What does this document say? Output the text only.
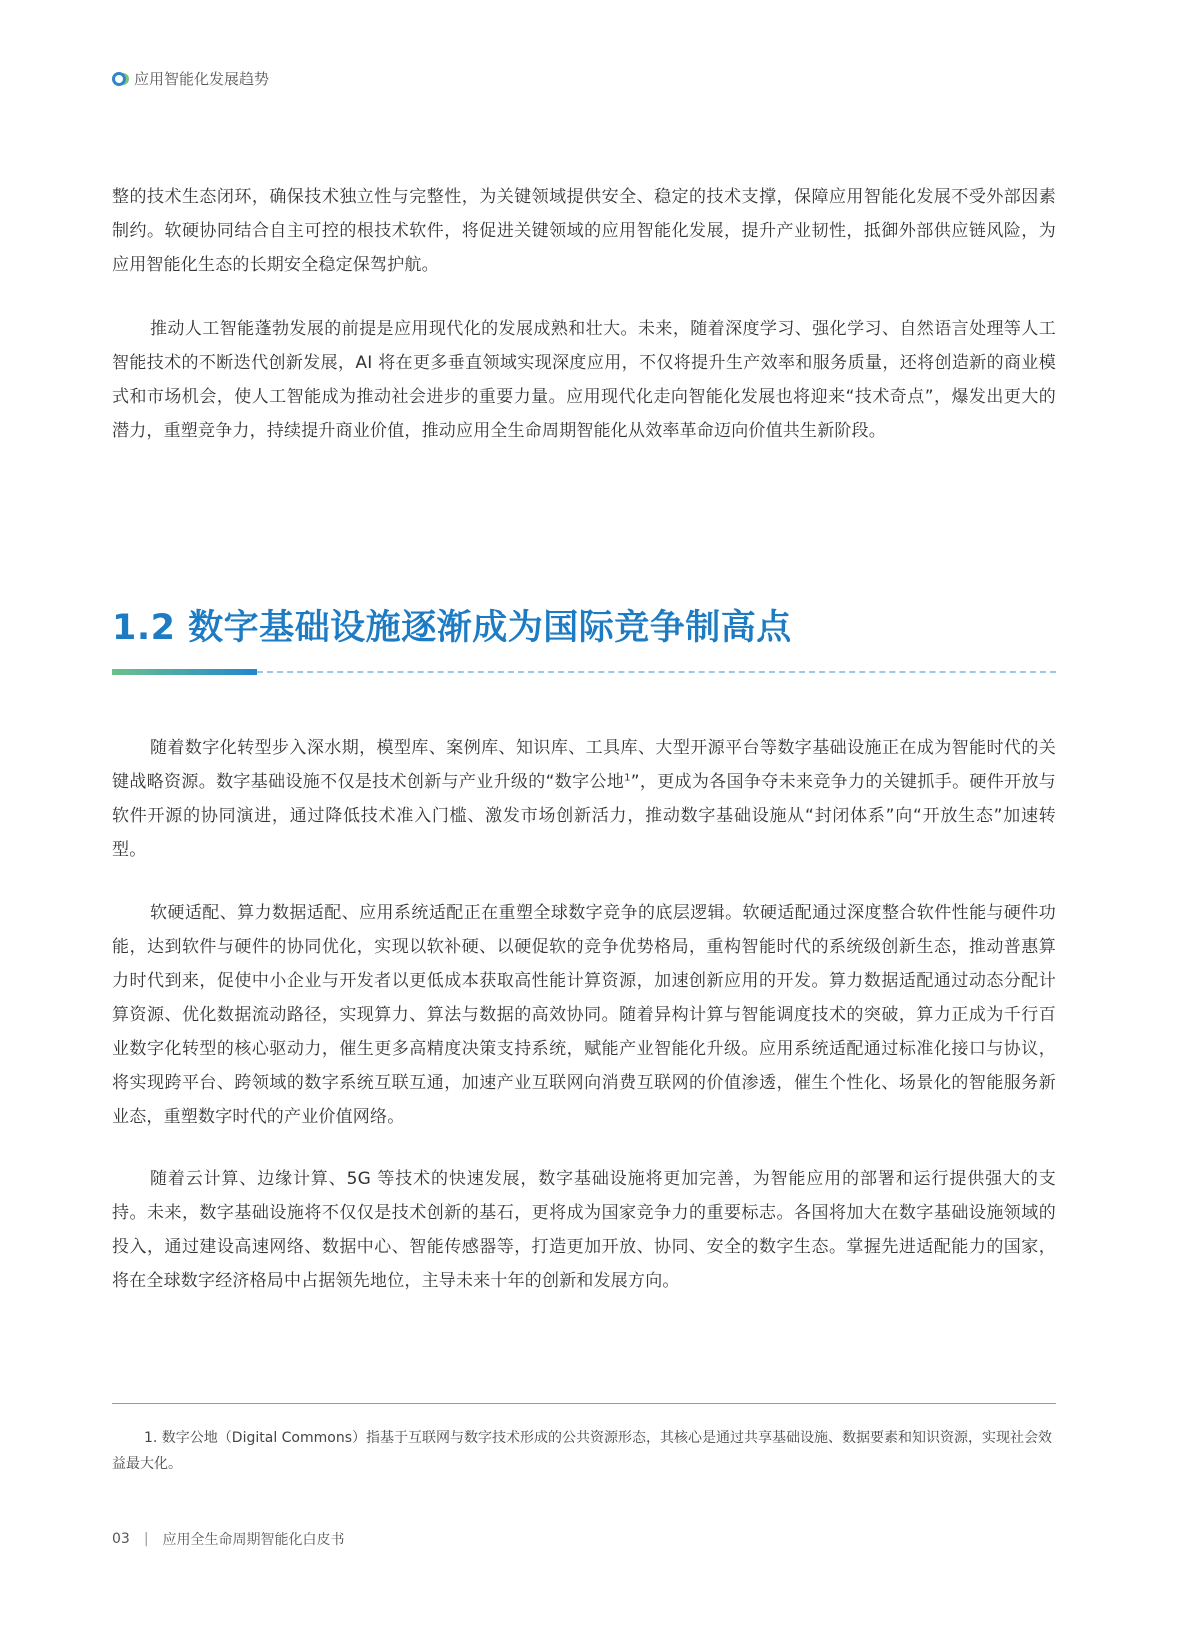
应用智能化发展趋势

整的技术生态闭环，确保技术独立性与完整性，为关键领域提供安全、稳定的技术支撑，保障应用智能化发展不受外部因素制约。软硬协同结合自主可控的根技术软件，将促进关键领域的应用智能化发展，提升产业韧性，抵御外部供应链风险，为应用智能化生态的长期安全稳定保驾护航。

推动人工智能蓬勃发展的前提是应用现代化的发展成熟和壮大。未来，随着深度学习、强化学习、自然语言处理等人工智能技术的不断迭代创新发展，AI 将在更多垂直领域实现深度应用，不仅将提升生产效率和服务质量，还将创造新的商业模式和市场机会，使人工智能成为推动社会进步的重要力量。应用现代化走向智能化发展也将迎来“技术奇点”，爆发出更大的潜力，重塑竞争力，持续提升商业价值，推动应用全生命周期智能化从效率革命迈向价值共生新阶段。

1.2 数字基础设施逐渐成为国际竞争制高点

随着数字化转型步入深水期，模型库、案例库、知识库、工具库、大型开源平台等数字基础设施正在成为智能时代的关键战略资源。数字基础设施不仅是技术创新与产业升级的“数字公地$^1$”，更成为各国争夺未来竞争力的关键抓手。硬件开放与软件开源的协同演进，通过降低技术准入门槛、激发市场创新活力，推动数字基础设施从“封闭体系”向“开放生态”加速转型。

软硬适配、算力数据适配、应用系统适配正在重塑全球数字竞争的底层逻辑。软硬适配通过深度整合软件性能与硬件功能，达到软件与硬件的协同优化，实现以软补硬、以硬促软的竞争优势格局，重构智能时代的系统级创新生态，推动普惠算力时代到来，促使中小企业与开发者以更低成本获取高性能计算资源，加速创新应用的开发。算力数据适配通过动态分配计算资源、优化数据流动路径，实现算力、算法与数据的高效协同。随着异构计算与智能调度技术的突破，算力正成为千行百业数字化转型的核心驱动力，催生更多高精度决策支持系统，赋能产业智能化升级。应用系统适配通过标准化接口与协议，将实现跨平台、跨领域的数字系统互联互通，加速产业互联网向消费互联网的价值渗透，催生个性化、场景化的智能服务新业态，重塑数字时代的产业价值网络。

随着云计算、边缘计算、5G 等技术的快速发展，数字基础设施将更加完善，为智能应用的部署和运行提供强大的支持。未来，数字基础设施将不仅仅是技术创新的基石，更将成为国家竞争力的重要标志。各国将加大在数字基础设施领域的投入，通过建设高速网络、数据中心、智能传感器等，打造更加开放、协同、安全的数字生态。掌握先进适配能力的国家，将在全球数字经济格局中占据领先地位，主导未来十年的创新和发展方向。

1. 数字公地（Digital Commons）指基于互联网与数字技术形成的公共资源形态，其核心是通过共享基础设施、数据要素和知识资源，实现社会效益最大化。

03 | 应用全生命周期智能化白皮书
